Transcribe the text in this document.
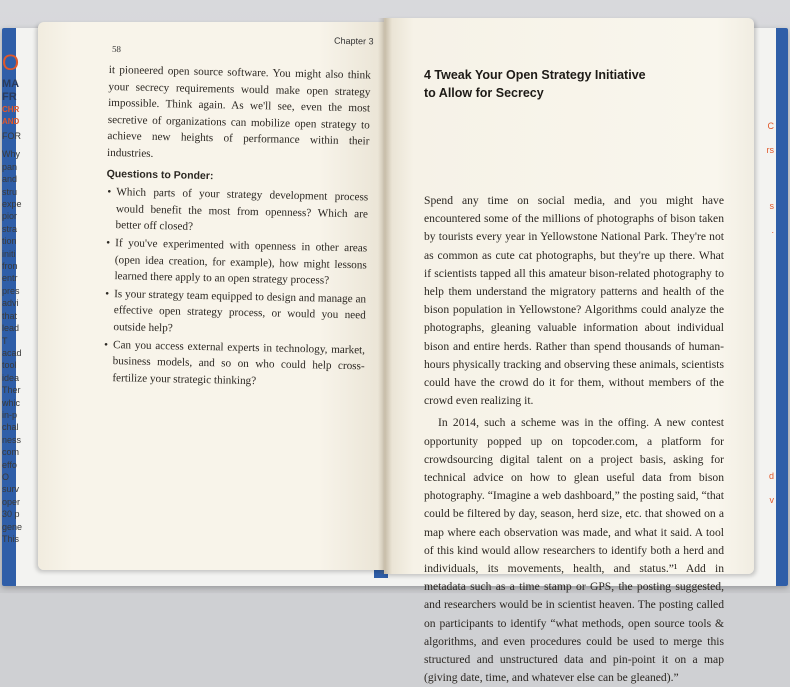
O
MA
FR
CHR
AND
FOR
Why
pan
and
stru
expe
pior
stra
tion
initi
fron
entr
pres
advi
that
lead
T
acad
tool
idea
Ther
whic
in-p
chal
ness
com
effo
O
surv
oper
30 p
gene
This
C
rs
s
.
d
v
58
Chapter 3

it pioneered open source software. You might also think your secrecy requirements would make open strategy impossible. Think again. As we'll see, even the most secretive of organizations can mobilize open strategy to achieve new heights of performance within their industries.

Questions to Ponder:
• Which parts of your strategy development process would benefit the most from openness? Which are better off closed?
• If you've experimented with openness in other areas (open idea creation, for example), how might lessons learned there apply to an open strategy process?
• Is your strategy team equipped to design and manage an effective open strategy process, or would you need outside help?
• Can you access external experts in technology, market, business models, and so on who could help cross-fertilize your strategic thinking?
4 Tweak Your Open Strategy Initiative
to Allow for Secrecy

Spend any time on social media, and you might have encountered some of the millions of photographs of bison taken by tourists every year in Yellowstone National Park. They're not as common as cute cat photographs, but they're up there. What if scientists tapped all this amateur bison-related photography to help them understand the migratory patterns and health of the bison population in Yellowstone? Algorithms could analyze the photographs, gleaning valuable information about individual bison and entire herds. Rather than spend thousands of human-hours physically tracking and observing these animals, scientists could have the crowd do it for them, without members of the crowd even realizing it.

In 2014, such a scheme was in the offing. A new contest opportunity popped up on topcoder.com, a platform for crowdsourcing digital talent on a project basis, asking for technical advice on how to glean useful data from bison photography. “Imagine a web dashboard,” the posting said, “that could be filtered by day, season, herd size, etc. that showed on a map where each observation was made, and what it said. A tool of this kind would allow researchers to identify both a herd and individuals, its movements, health, and status.”¹ Add in metadata such as a time stamp or GPS, the posting suggested, and researchers would be in scientist heaven. The posting called on participants to identify “what methods, open source tools & algorithms, and even procedures could be used to merge this structured and unstructured data and pin-point it on a map (giving date, time, and whatever else can be gleaned).”
